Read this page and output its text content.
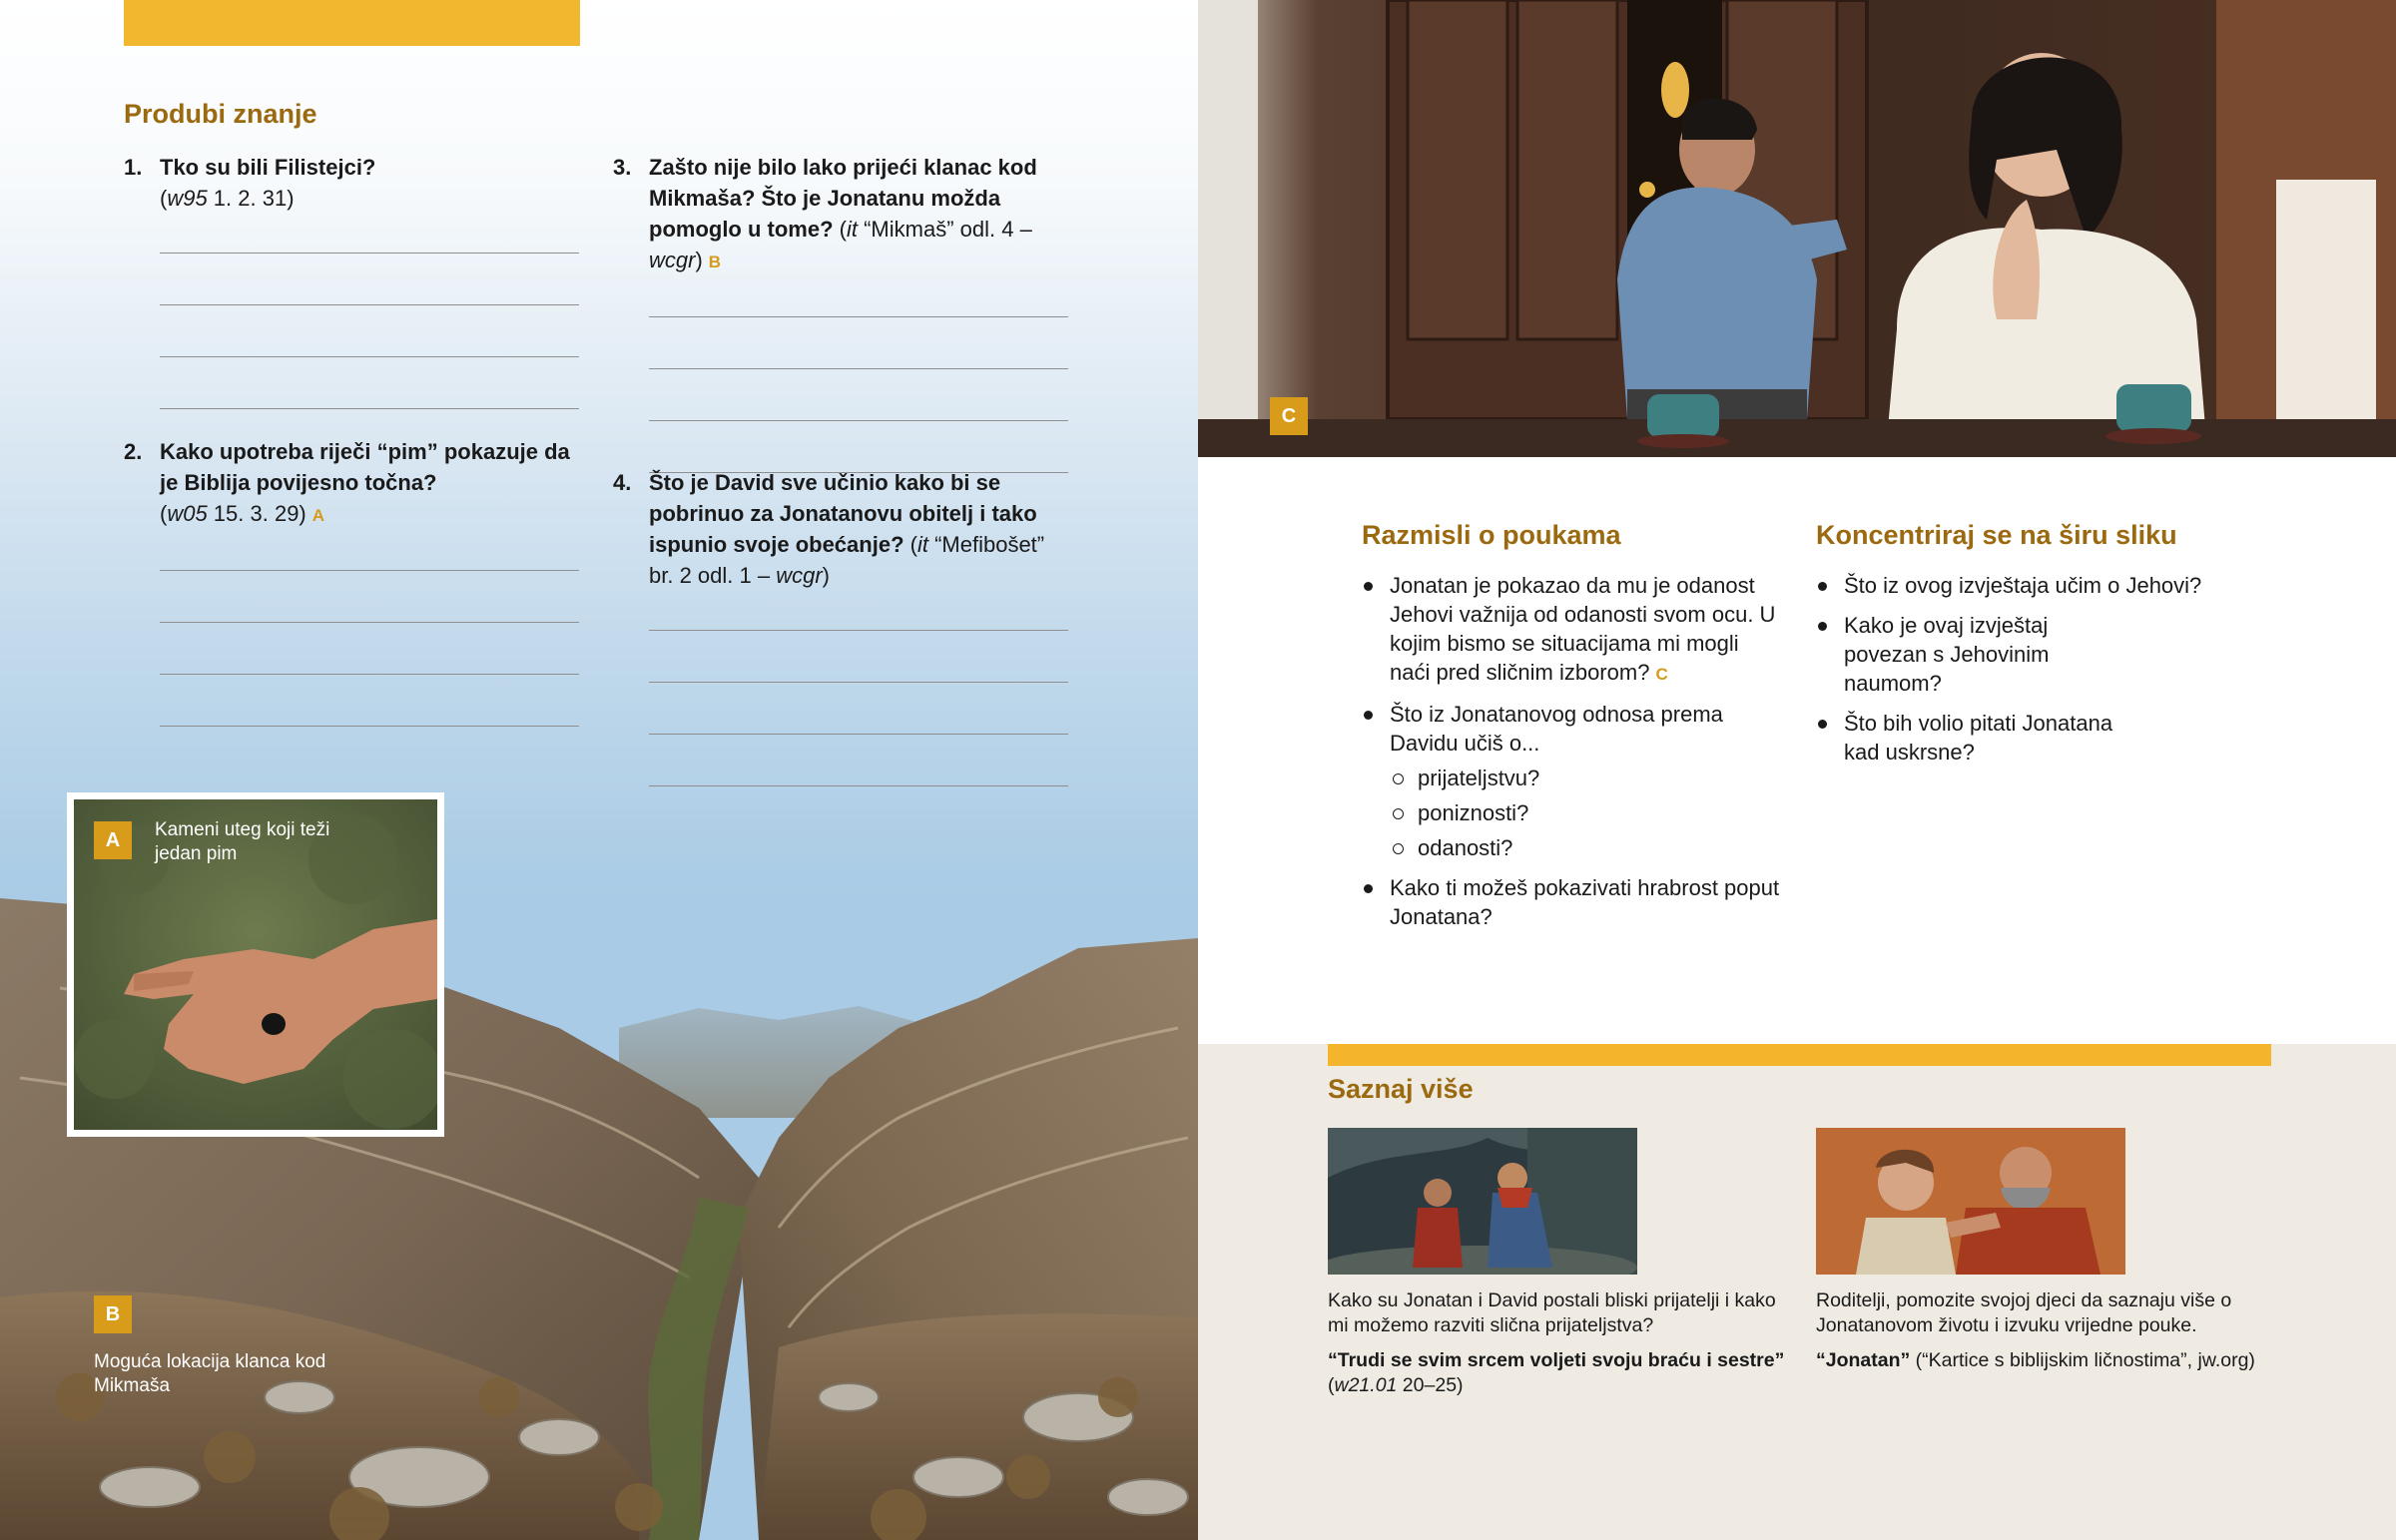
Produbi znanje
1. Tko su bili Filistejci?
(w95 1. 2. 31)
2. Kako upotreba riječi “pim” pokazuje da je Biblija povijesno točna?
(w05 15. 3. 29) A
3. Zašto nije bilo lako prijeći klanac kod Mikmaša? Što je Jonatanu možda pomoglo u tome? (it “Mikmaš” odl. 4 – wcgr) B
4. Što je David sve učinio kako bi se pobrinuo za Jonatanovu obitelj i tako ispunio svoje obećanje? (it “Mefibošet” br. 2 odl. 1 – wcgr)
A	Kameni uteg koji teži jedan pim
B
Moguća lokacija klanca kod Mikmaša
C
Razmisli o poukama
Jonatan je pokazao da mu je odanost Jehovi važnija od odanosti svom ocu. U kojim bismo se situacijama mi mogli naći pred sličnim izborom? C
Što iz Jonatanovog odnosa prema Davidu učiš o...
prijateljstvu?
poniznosti?
odanosti?
Kako ti možeš pokazivati hrabrost poput Jonatana?
Koncentriraj se na širu sliku
Što iz ovog izvještaja učim o Jehovi?
Kako je ovaj izvještaj povezan s Jehovinim naumom?
Što bih volio pitati Jonatana kad uskrsne?
Saznaj više

Kako su Jonatan i David postali bliski prijatelji i kako mi možemo razviti slična prijateljstva?

“Trudi se svim srcem voljeti svoju braću i sestre” (w21.01 20–25)

Roditelji, pomozite svojoj djeci da saznaju više o Jonatanovom životu i izvuku vrijedne pouke.

“Jonatan” (“Kartice s biblijskim ličnostima”, jw.org)
